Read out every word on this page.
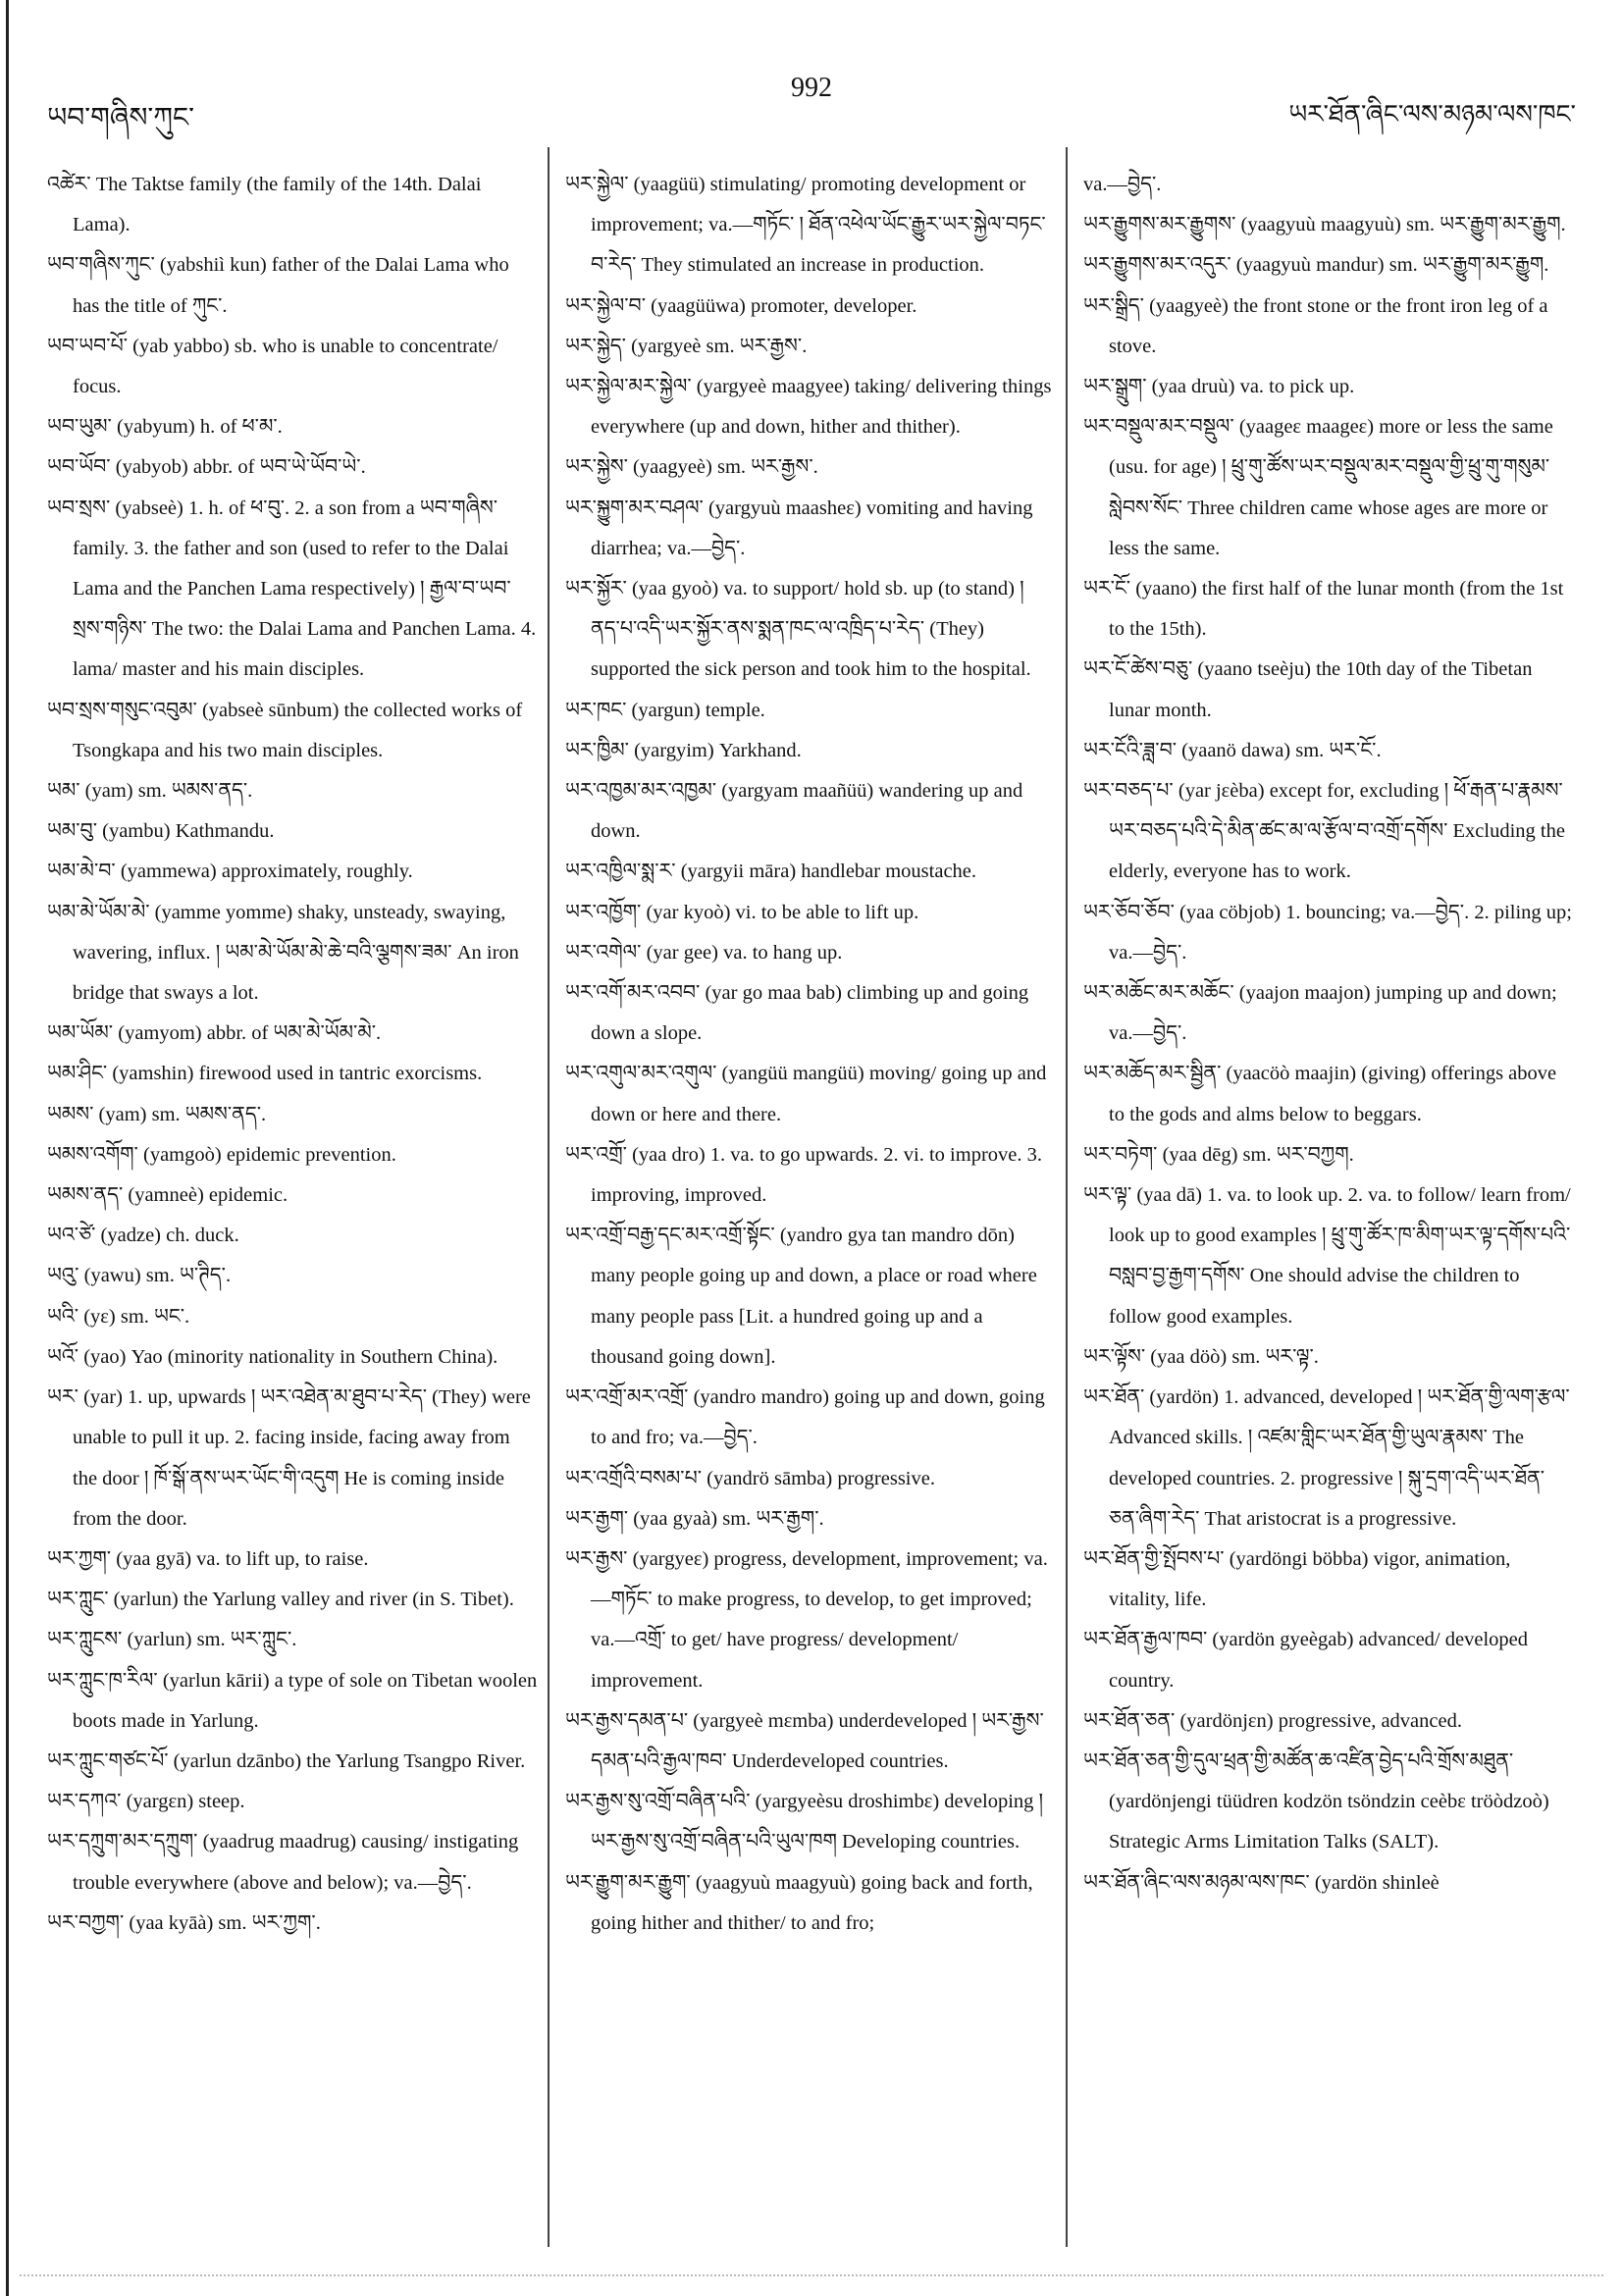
ཡབ་གཞིས་ཀུང་
992
ཡར་ཐོན་ཞིང་ལས་མཉམ་ལས་ཁང་

འཚེར་ The Taktse family (the family of the 14th. Dalai Lama).

ཡབ་གཞིས་ཀུང་ (yabshiì kun) father of the Dalai Lama who has the title of ཀུང་.

ཡབ་ཡབ་པོ་ (yab yabbo) sb. who is unable to concentrate/ focus.

ཡབ་ཡུམ་ (yabyum) h. of ཕ་མ་.

ཡབ་ཡོབ་ (yabyob) abbr. of ཡབ་ཡེ་ཡོབ་ཡེ་.

ཡབ་སྲས་ (yabseè) 1. h. of ཕ་བུ་. 2. a son from a ཡབ་གཞིས་ family. 3. the father and son (used to refer to the Dalai Lama and the Panchen Lama respectively) ། རྒྱལ་བ་ཡབ་སྲས་གཉིས་ The two: the Dalai Lama and Panchen Lama. 4. lama/ master and his main disciples.

ཡབ་སྲས་གསུང་འབུམ་ (yabseè sūnbum) the collected works of Tsongkapa and his two main disciples.

ཡམ་ (yam) sm. ཡམས་ནད་.

ཡམ་བུ་ (yambu) Kathmandu.

ཡམ་མེ་བ་ (yammewa) approximately, roughly.

ཡམ་མེ་ཡོམ་མེ་ (yamme yomme) shaky, unsteady, swaying, wavering, influx. ། ཡམ་མེ་ཡོམ་མེ་ཆེ་བའི་ལྕགས་ཟམ་ An iron bridge that sways a lot.

ཡམ་ཡོམ་ (yamyom) abbr. of ཡམ་མེ་ཡོམ་མེ་.

ཡམ་ཤིང་ (yamshin) firewood used in tantric exorcisms.

ཡམས་ (yam) sm. ཡམས་ནད་.

ཡམས་འགོག་ (yamgoò) epidemic prevention.

ཡམས་ནད་ (yamneè) epidemic.

ཡའ་ཙེ་ (yadze) ch. duck.

ཡའུ་ (yawu) sm. ཡ་ཊིད་.

ཡའི་ (yε) sm. ཡང་.

ཡའོ་ (yao) Yao (minority nationality in Southern China).

ཡར་ (yar) 1. up, upwards ། ཡར་འཐེན་མ་ཐུབ་པ་རེད་ (They) were unable to pull it up. 2. facing inside, facing away from the door ། ཁོ་སྒོ་ནས་ཡར་ཡོང་གི་འདུག He is coming inside from the door.

ཡར་ཀྱག་ (yaa gyā) va. to lift up, to raise.

ཡར་ཀླུང་ (yarlun) the Yarlung valley and river (in S. Tibet).

ཡར་ཀླུངས་ (yarlun) sm. ཡར་ཀླུང་.

ཡར་ཀླུང་ཁ་རིལ་ (yarlun kārii) a type of sole on Tibetan woolen boots made in Yarlung.

ཡར་ཀླུང་གཙང་པོ་ (yarlun dzānbo) the Yarlung Tsangpo River.

ཡར་དཀའ་ (yargεn) steep.

ཡར་དཀྲུག་མར་དཀྲུག་ (yaadrug maadrug) causing/ instigating trouble everywhere (above and below); va.—བྱེད་.

ཡར་བཀྱག་ (yaa kyāà) sm. ཡར་ཀྱག་.

ཡར་སྐྱེལ་ (yaagüü) stimulating/ promoting development or improvement; va.—གཏོང་ ། ཐོན་འཕེལ་ཡོང་རྒྱུར་ཡར་སྐྱེལ་བཏང་བ་རེད་ They stimulated an increase in production.

ཡར་སྐྱེལ་བ་ (yaagüüwa) promoter, developer.

ཡར་སྐྱེད་ (yargyeè sm. ཡར་རྒྱས་.

ཡར་སྐྱེལ་མར་སྐྱེལ་ (yargyeè maagyee) taking/ delivering things everywhere (up and down, hither and thither).

ཡར་སྐྱེས་ (yaagyeè) sm. ཡར་རྒྱས་.

ཡར་སྐྱུག་མར་བཤལ་ (yargyuù maasheε) vomiting and having diarrhea; va.—བྱེད་.

ཡར་སྐྱོར་ (yaa gyoò) va. to support/ hold sb. up (to stand) ། ནད་པ་འདི་ཡར་སྐྱོར་ནས་སྨན་ཁང་ལ་འཁྲིད་པ་རེད་ (They) supported the sick person and took him to the hospital.

ཡར་ཁང་ (yargun) temple.

ཡར་ཁྱིམ་ (yargyim) Yarkhand.

ཡར་འཁྱམ་མར་འཁྱམ་ (yargyam maañüü) wandering up and down.

ཡར་འཁྱིལ་སྨ་ར་ (yargyii māra) handlebar moustache.

ཡར་འཁྱོག་ (yar kyoò) vi. to be able to lift up.

ཡར་འགེལ་ (yar gee) va. to hang up.

ཡར་འགོ་མར་འབབ་ (yar go maa bab) climbing up and going down a slope.

ཡར་འགུལ་མར་འགུལ་ (yangüü mangüü) moving/ going up and down or here and there.

ཡར་འགྲོ་ (yaa dro) 1. va. to go upwards. 2. vi. to improve. 3. improving, improved.

ཡར་འགྲོ་བརྒྱ་དང་མར་འགྲོ་སྟོང་ (yandro gya tan mandro dōn) many people going up and down, a place or road where many people pass [Lit. a hundred going up and a thousand going down].

ཡར་འགྲོ་མར་འགྲོ་ (yandro mandro) going up and down, going to and fro; va.—བྱེད་.

ཡར་འགྲོའི་བསམ་པ་ (yandrö sāmba) progressive.

ཡར་རྒྱག་ (yaa gyaà) sm. ཡར་རྒྱག་.

ཡར་རྒྱས་ (yargyeε) progress, development, improvement; va.—གཏོང་ to make progress, to develop, to get improved; va.—འགྲོ་ to get/ have progress/ development/ improvement.

ཡར་རྒྱས་དམན་པ་ (yargyeè mεmba) underdeveloped ། ཡར་རྒྱས་དམན་པའི་རྒྱལ་ཁབ་ Underdeveloped countries.

ཡར་རྒྱས་སུ་འགྲོ་བཞིན་པའི་ (yargyeèsu droshimbε) developing ། ཡར་རྒྱས་སུ་འགྲོ་བཞིན་པའི་ཡུལ་ཁག Developing countries.

ཡར་རྒྱུག་མར་རྒྱུག་ (yaagyuù maagyuù) going back and forth, going hither and thither/ to and fro;

va.—བྱེད་.

ཡར་རྒྱུགས་མར་རྒྱུགས་ (yaagyuù maagyuù) sm. ཡར་རྒྱུག་མར་རྒྱུག.

ཡར་རྒྱུགས་མར་འདུར་ (yaagyuù mandur) sm. ཡར་རྒྱུག་མར་རྒྱུག.

ཡར་སྒྲིད་ (yaagyeè) the front stone or the front iron leg of a stove.

ཡར་སྒྲུག་ (yaa druù) va. to pick up.

ཡར་བསྡུལ་མར་བསྡུལ་ (yaageε maageε) more or less the same (usu. for age) ། ཕྲུ་གུ་ཚོས་ཡར་བསྡུལ་མར་བསྡུལ་གྱི་ཕྲུ་གུ་གསུམ་སླེབས་སོང་ Three children came whose ages are more or less the same.

ཡར་ངོ་ (yaano) the first half of the lunar month (from the 1st to the 15th).

ཡར་ངོ་ཚེས་བཅུ་ (yaano tseèju) the 10th day of the Tibetan lunar month.

ཡར་ངོའི་ཟླ་བ་ (yaanö dawa) sm. ཡར་ངོ་.

ཡར་བཅད་པ་ (yar jεèba) except for, excluding ། ཕོ་རྒན་པ་རྣམས་ཡར་བཅད་པའི་དེ་མིན་ཚང་མ་ལ་རྩོལ་བ་འགྲོ་དགོས་ Excluding the elderly, everyone has to work.

ཡར་ཅོབ་ཅོབ་ (yaa cöbjob) 1. bouncing; va.—བྱེད་. 2. piling up; va.—བྱེད་.

ཡར་མཆོང་མར་མཆོང་ (yaajon maajon) jumping up and down; va.—བྱེད་.

ཡར་མཆོད་མར་སྦྱིན་ (yaacöò maajin) (giving) offerings above to the gods and alms below to beggars.

ཡར་བཏེག་ (yaa dēg) sm. ཡར་བཀྱག.

ཡར་ལྟ་ (yaa dā) 1. va. to look up. 2. va. to follow/ learn from/ look up to good examples ། ཕྲུ་གུ་ཚོར་ཁ་མིག་ཡར་ལྟ་དགོས་པའི་བསླབ་བྱ་རྒྱག་དགོས་ One should advise the children to follow good examples.

ཡར་ལྟོས་ (yaa döò) sm. ཡར་ལྟ་.

ཡར་ཐོན་ (yardön) 1. advanced, developed ། ཡར་ཐོན་གྱི་ལག་རྩལ་ Advanced skills. ། འཛམ་གླིང་ཡར་ཐོན་གྱི་ཡུལ་རྣམས་ The developed countries. 2. progressive ། སྐུ་དྲག་འདི་ཡར་ཐོན་ཅན་ཞིག་རེད་ That aristocrat is a progressive.

ཡར་ཐོན་གྱི་སྤོབས་པ་ (yardöngi böbba) vigor, animation, vitality, life.

ཡར་ཐོན་རྒྱལ་ཁབ་ (yardön gyeègab) advanced/ developed country.

ཡར་ཐོན་ཅན་ (yardönjεn) progressive, advanced.

ཡར་ཐོན་ཅན་གྱི་དུལ་ཕྲན་གྱི་མཚོན་ཆ་འཛིན་བྱེད་པའི་གྲོས་མཐུན་ (yardönjengi tüüdren kodzön tsöndzin ceèbε tröòdzoò) Strategic Arms Limitation Talks (SALT).

ཡར་ཐོན་ཞིང་ལས་མཉམ་ལས་ཁང་ (yardön shinleè
